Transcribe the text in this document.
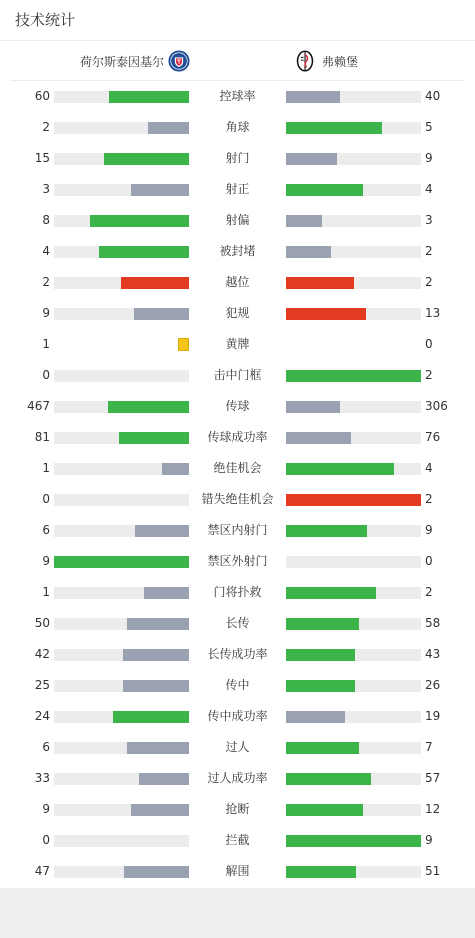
技术统计
荷尔斯泰因基尔	弗赖堡
60	控球率	40
2	角球	5
15	射门	9
3	射正	4
8	射偏	3
4	被封堵	2
2	越位	2
9	犯规	13
1	黄牌	0
0	击中门框	2
467	传球	306
81	传球成功率	76
1	绝佳机会	4
0	错失绝佳机会	2
6	禁区内射门	9
9	禁区外射门	0
1	门将扑救	2
50	长传	58
42	长传成功率	43
25	传中	26
24	传中成功率	19
6	过人	7
33	过人成功率	57
9	抢断	12
0	拦截	9
47	解围	51
